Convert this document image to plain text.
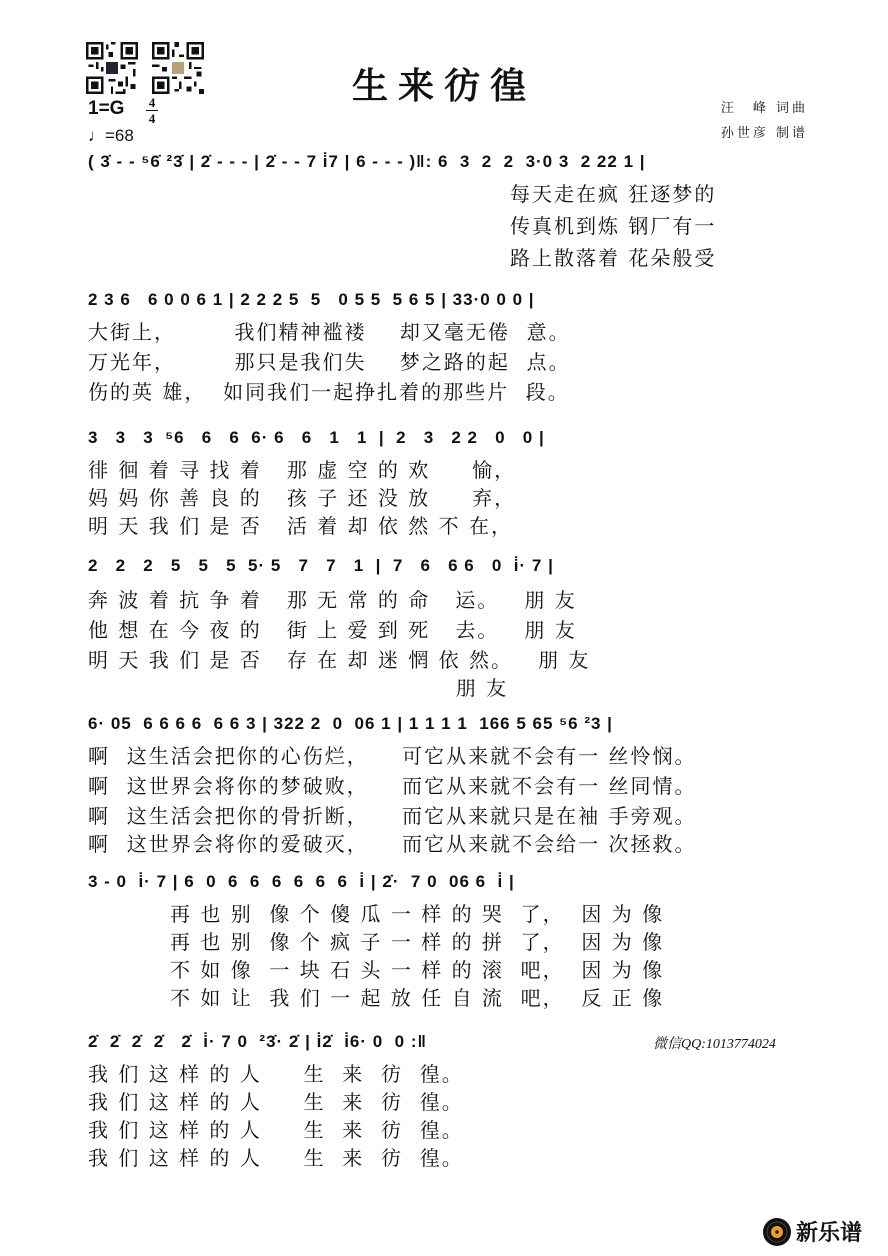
生来彷徨
1=G 4
4
♩=68
汪　峰 词曲
孙世彦 制谱
( 3̇ - - ⁵6̇ ²3̇ | 2̇ - - - | 2̇ - - 7 i̇7 | 6 - - - )‖: 6  3  2  2  3·0 3  2 22 1 |
每天走在疯 狂逐梦的
传真机到炼 钢厂有一
路上散落着 花朵般受
2 3 6   6 0 0 6 1 | 2 2 2 5  5   0 5 5  5 6 5 | 33·0 0 0 |
大街上，       我们精神褴褛    却又毫无倦  意。
万光年，       那只是我们失    梦之路的起  点。
伤的英 雄，  如同我们一起挣扎着的那些片  段。
3   3   3  ⁵6   6   6  6· 6   6   1   1  |  2   3   2 2   0   0 |
徘 徊 着 寻 找 着   那 虚 空 的 欢     愉，
妈 妈 你 善 良 的   孩 子 还 没 放     弃，
明 天 我 们 是 否   活 着 却 依 然 不 在，
2   2   2   5   5   5  5· 5   7   7   1  |  7   6   6 6   0  i̇· 7 |
奔 波 着 抗 争 着   那 无 常 的 命   运。   朋 友
他 想 在 今 夜 的   街 上 爱 到 死   去。   朋 友
明 天 我 们 是 否   存 在 却 迷 惘 依 然。   朋 友
朋 友
6· 05  6 6 6 6  6 6 3 | 322 2  0  06 1 | 1 1 1 1  166 5 65 ⁵6 ²3 |
啊  这生活会把你的心伤烂，    可它从来就不会有一 丝怜悯。
啊  这世界会将你的梦破败，    而它从来就不会有一 丝同情。
啊  这生活会把你的骨折断，    而它从来就只是在袖 手旁观。
啊  这世界会将你的爱破灭，    而它从来就不会给一 次拯救。
3 - 0  i̇· 7 | 6  0  6  6  6  6  6  6  i̇ | 2̇·  7 0  06 6  i̇ |
再 也 别  像 个 傻 瓜 一 样 的 哭  了，  因 为 像
再 也 别  像 个 疯 子 一 样 的 拼  了，  因 为 像
不 如 像  一 块 石 头 一 样 的 滚  吧，  因 为 像
不 如 让  我 们 一 起 放 任 自 流  吧，  反 正 像
2̇  2̇  2̇  2̇   2̇  i̇· 7 0  ²3̇· 2̇ | i̇2̇  i̇6· 0  0 :‖
我 们 这 样 的 人     生  来  彷  徨。
我 们 这 样 的 人     生  来  彷  徨。
我 们 这 样 的 人     生  来  彷  徨。
我 们 这 样 的 人     生  来  彷  徨。
微信QQ:1013774024
新乐谱
